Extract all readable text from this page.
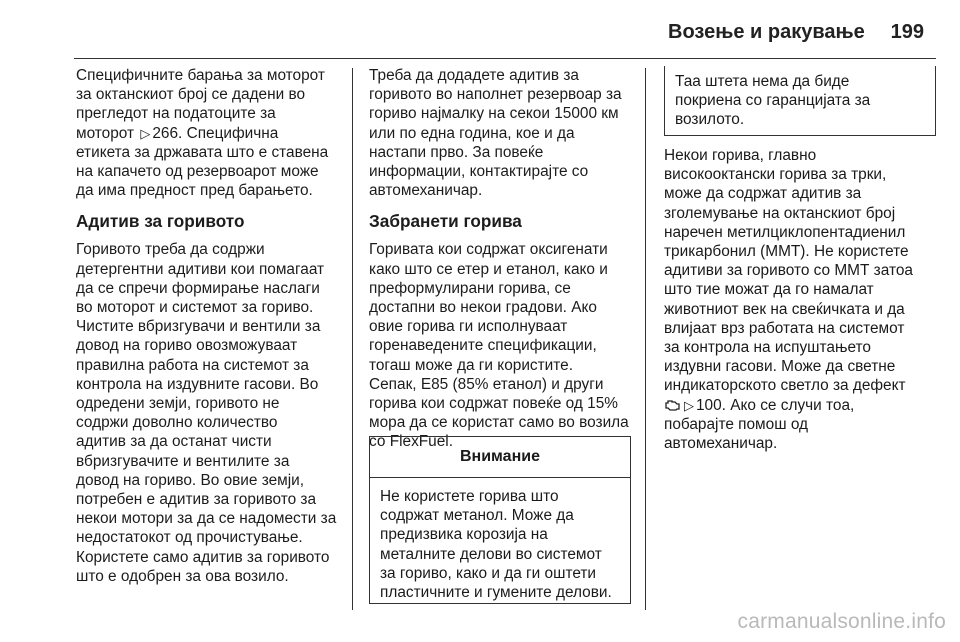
Возење и ракување 199

Специфичните барања за моторот
за октанскиот број се дадени во
прегледот на податоците за
моторот ▷ 266. Специфична
етикета за државата што е ставена
на капачето од резервоарот може
да има предност пред барањето.

Адитив за горивото

Горивото треба да содржи
детергентни адитиви кои помагаат
да се спречи формирање наслаги
во моторот и системот за гориво.
Чистите вбризгувачи и вентили за
довод на гориво овозможуваат
правилна работа на системот за
контрола на издувните гасови. Во
одредени земји, горивото не
содржи доволно количество
адитив за да останат чисти
вбризгувачите и вентилите за
довод на гориво. Во овие земји,
потребен е адитив за горивото за
некои мотори за да се надомести за
недостатокот од прочистување.
Користете само адитив за горивото
што е одобрен за ова возило.

Треба да додадете адитив за
горивото во наполнет резервоар за
гориво најмалку на секои 15000 км
или по една година, кое и да
настапи прво. За повеќе
информации, контактирајте со
автомеханичар.

Забранети горива

Горивата кои содржат оксигенати
како што се етер и етанол, како и
преформулирани горива, се
достапни во некои градови. Ако
овие горива ги исполнуваат
горенаведените спецификации,
тогаш може да ги користите.
Сепак, E85 (85% етанол) и други
горива кои содржат повеќе од 15%
мора да се користат само во возила
со FlexFuel.

Внимание
Не користете горива што
содржат метанол. Може да
предизвика корозија на
металните делови во системот
за гориво, како и да ги оштети
пластичните и гумените делови.
Таа штета нема да биде
покриена со гаранцијата за
возилото.
Некои горива, главно
високооктански горива за трки,
може да содржат адитив за
зголемување на октанскиот број
наречен метилциклопентадиенил
трикарбонил (ММТ). Не користете
адитиви за горивото со ММТ затоа
што тие можат да го намалат
животниот век на свеќичката и да
влијаат врз работата на системот
за контрола на испуштањето
издувни гасови. Може да светне
индикаторското светло за дефект
▷ 100. Ако се случи тоа,
побарајте помош од
автомеханичар.
carmanualsonline.info
